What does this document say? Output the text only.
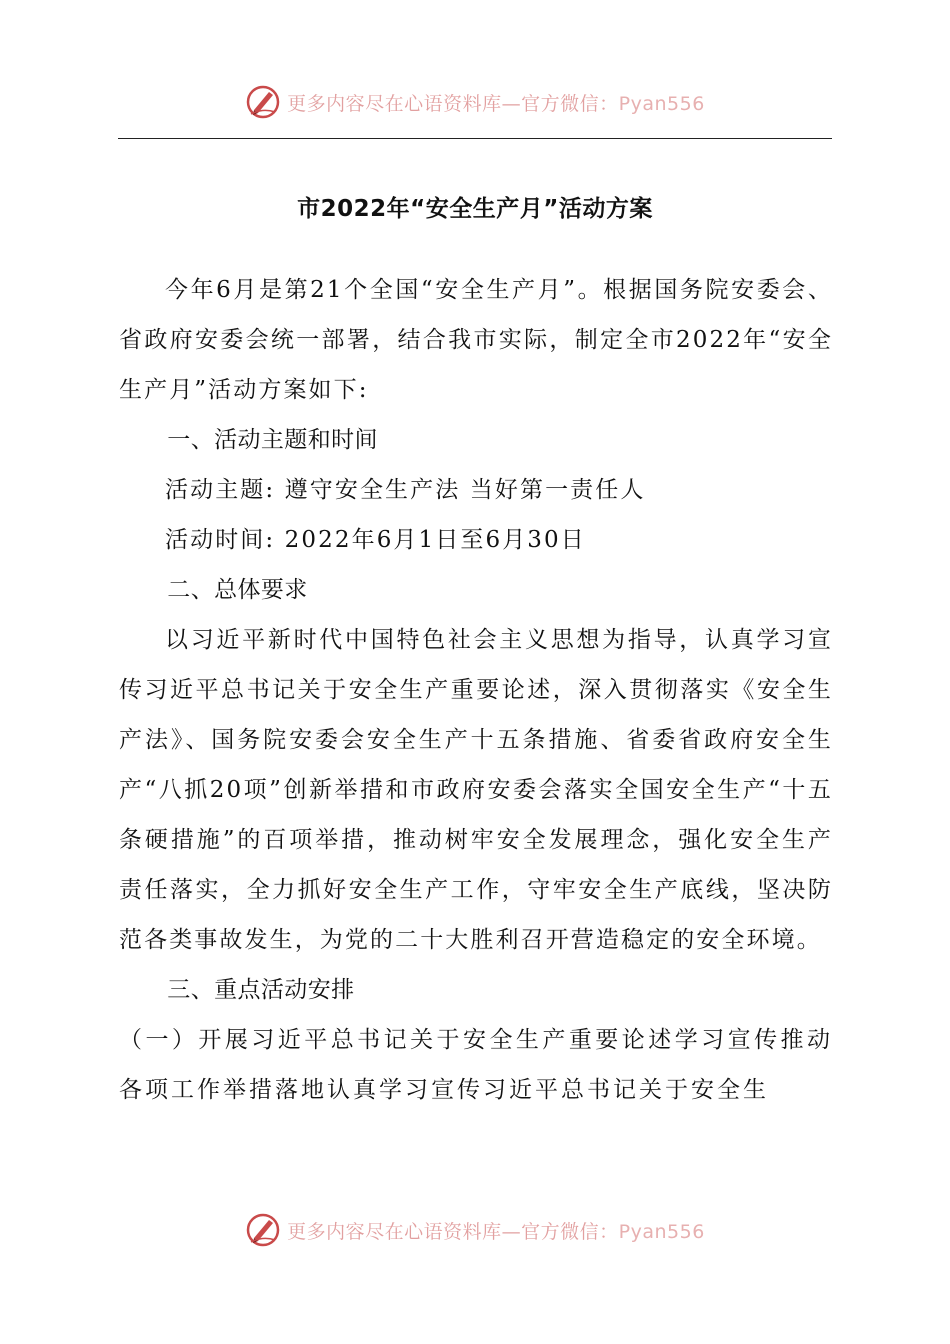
更多内容尽在心语资料库—官方微信：Pyan556
市2022年“安全生产月”活动方案

今年6月是第21个全国“安全生产月”。根据国务院安委会、省政府安委会统一部署，结合我市实际，制定全市2022年“安全生产月”活动方案如下:

一、活动主题和时间

活动主题: 遵守安全生产法 当好第一责任人

活动时间: 2022年6月1日至6月30日

二、总体要求

以习近平新时代中国特色社会主义思想为指导，认真学习宣传习近平总书记关于安全生产重要论述，深入贯彻落实《安全生产法》、国务院安委会安全生产十五条措施、省委省政府安全生产“八抓20项”创新举措和市政府安委会落实全国安全生产“十五条硬措施”的百项举措，推动树牢安全发展理念，强化安全生产责任落实，全力抓好安全生产工作，守牢安全生产底线，坚决防范各类事故发生，为党的二十大胜利召开营造稳定的安全环境。

三、重点活动安排

（一）开展习近平总书记关于安全生产重要论述学习宣传推动各项工作举措落地认真学习宣传习近平总书记关于安全生

更多内容尽在心语资料库—官方微信：Pyan556
